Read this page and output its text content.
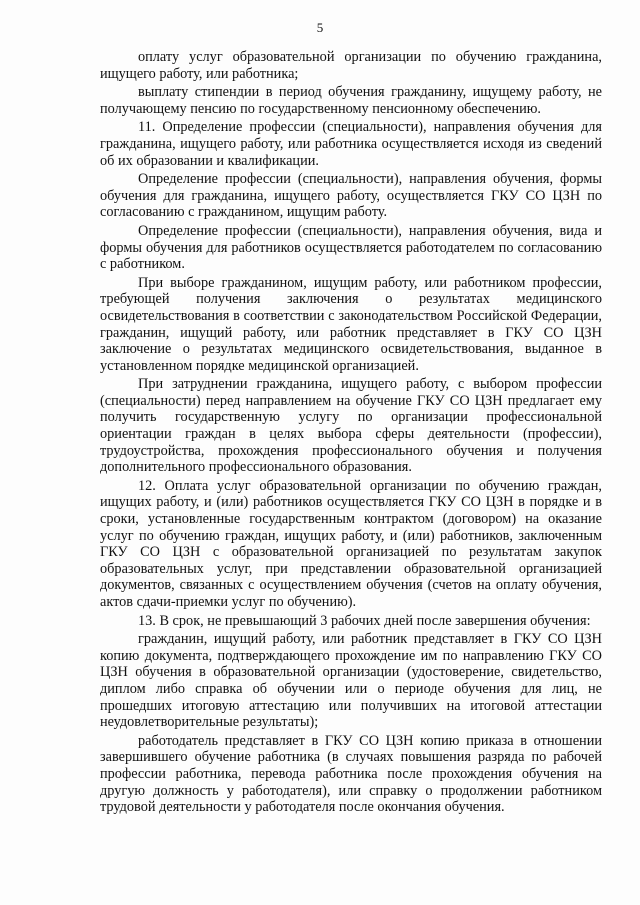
5

оплату услуг образовательной организации по обучению гражданина, ищущего работу, или работника;

выплату стипендии в период обучения гражданину, ищущему работу, не получающему пенсию по государственному пенсионному обеспечению.

11. Определение профессии (специальности), направления обучения для гражданина, ищущего работу, или работника осуществляется исходя из сведений об их образовании и квалификации.

Определение профессии (специальности), направления обучения, формы обучения для гражданина, ищущего работу, осуществляется ГКУ СО ЦЗН по согласованию с гражданином, ищущим работу.

Определение профессии (специальности), направления обучения, вида и формы обучения для работников осуществляется работодателем по согласованию с работником.

При выборе гражданином, ищущим работу, или работником профессии, требующей получения заключения о результатах медицинского освидетельствования в соответствии с законодательством Российской Федерации, гражданин, ищущий работу, или работник представляет в ГКУ СО ЦЗН заключение о результатах медицинского освидетельствования, выданное в установленном порядке медицинской организацией.

При затруднении гражданина, ищущего работу, с выбором профессии (специальности) перед направлением на обучение ГКУ СО ЦЗН предлагает ему получить государственную услугу по организации профессиональной ориентации граждан в целях выбора сферы деятельности (профессии), трудоустройства, прохождения профессионального обучения и получения дополнительного профессионального образования.

12. Оплата услуг образовательной организации по обучению граждан, ищущих работу, и (или) работников осуществляется ГКУ СО ЦЗН в порядке и в сроки, установленные государственным контрактом (договором) на оказание услуг по обучению граждан, ищущих работу, и (или) работников, заключенным ГКУ СО ЦЗН с образовательной организацией по результатам закупок образовательных услуг, при представлении образовательной организацией документов, связанных с осуществлением обучения (счетов на оплату обучения, актов сдачи-приемки услуг по обучению).

13. В срок, не превышающий 3 рабочих дней после завершения обучения:

гражданин, ищущий работу, или работник представляет в ГКУ СО ЦЗН копию документа, подтверждающего прохождение им по направлению ГКУ СО ЦЗН обучения в образовательной организации (удостоверение, свидетельство, диплом либо справка об обучении или о периоде обучения для лиц, не прошедших итоговую аттестацию или получивших на итоговой аттестации неудовлетворительные результаты);

работодатель представляет в ГКУ СО ЦЗН копию приказа в отношении завершившего обучение работника (в случаях повышения разряда по рабочей профессии работника, перевода работника после прохождения обучения на другую должность у работодателя), или справку о продолжении работником трудовой деятельности у работодателя после окончания обучения.
